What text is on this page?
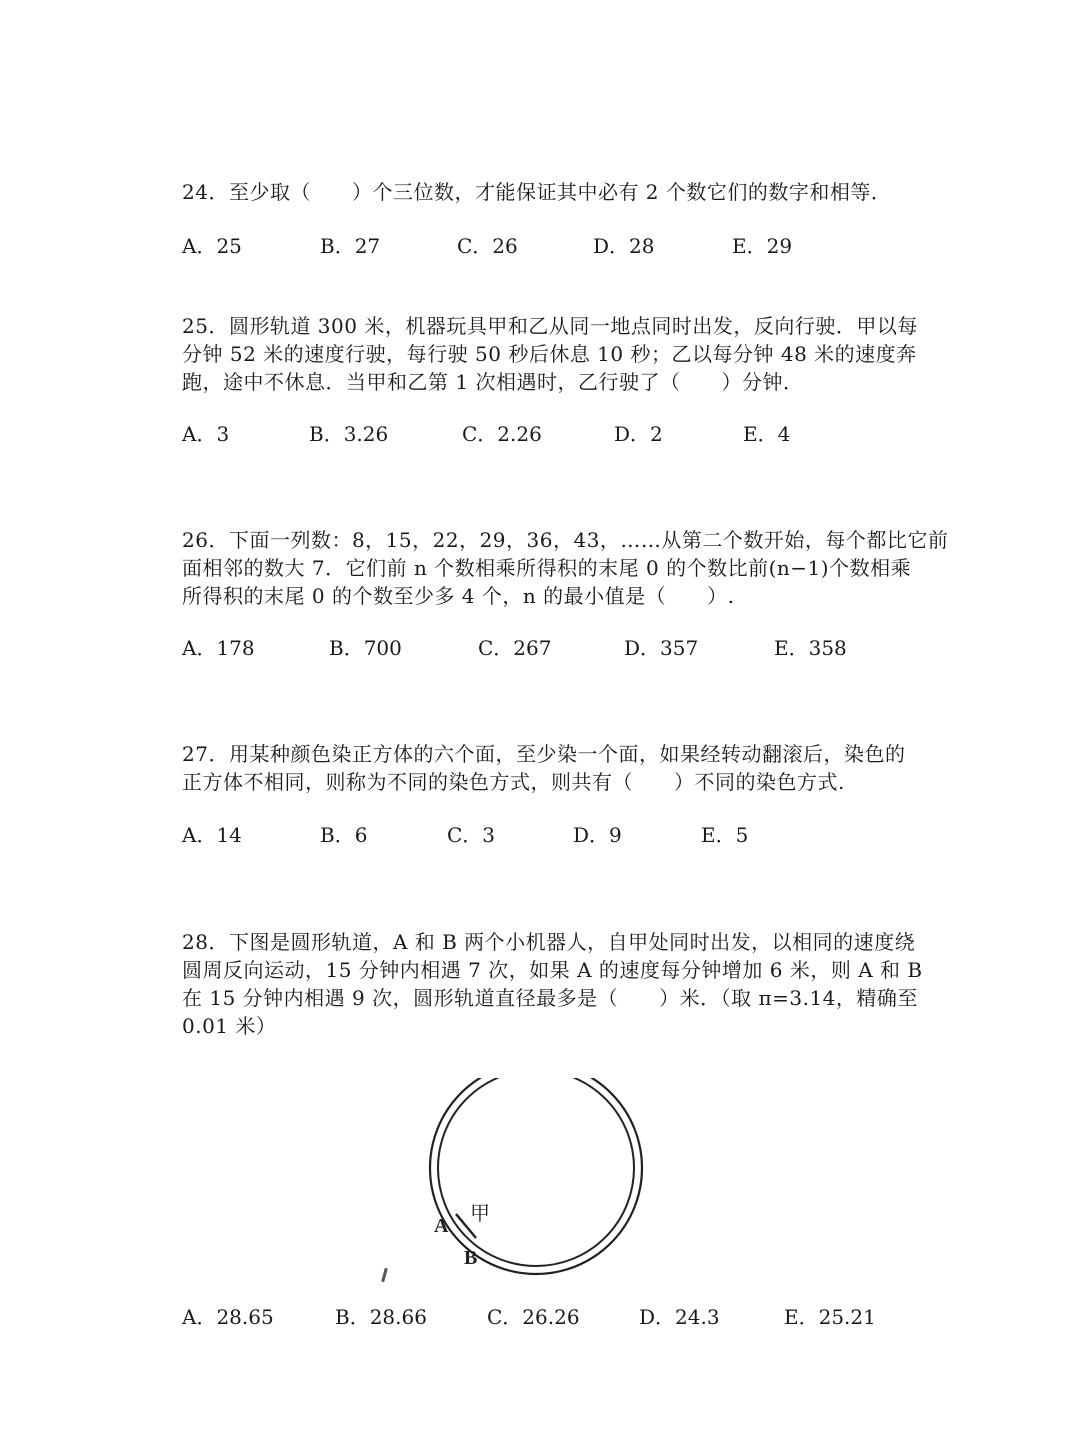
24．至少取（　　）个三位数，才能保证其中必有 2 个数它们的数字和相等．

A．25	B．27	C．26	D．28	E．29

25．圆形轨道 300 米，机器玩具甲和乙从同一地点同时出发，反向行驶．甲以每

分钟 52 米的速度行驶，每行驶 50 秒后休息 10 秒；乙以每分钟 48 米的速度奔

跑，途中不休息．当甲和乙第 1 次相遇时，乙行驶了（　　）分钟．

A．3	B．3.26	C．2.26	D．2	E．4

26．下面一列数：8，15，22，29，36，43，……从第二个数开始，每个都比它前

面相邻的数大 7．它们前 n 个数相乘所得积的末尾 0 的个数比前(n−1)个数相乘

所得积的末尾 0 的个数至少多 4 个，n 的最小值是（　　）.

A．178	B．700	C．267	D．357	E．358

27．用某种颜色染正方体的六个面，至少染一个面，如果经转动翻滚后，染色的

正方体不相同，则称为不同的染色方式，则共有（　　）不同的染色方式.

A．14	B．6	C．3	D．9	E．5

28．下图是圆形轨道，A 和 B 两个小机器人，自甲处同时出发，以相同的速度绕

圆周反向运动，15 分钟内相遇 7 次，如果 A 的速度每分钟增加 6 米，则 A 和 B

在 15 分钟内相遇 9 次，圆形轨道直径最多是（　　）米．（取 π=3.14，精确至

0.01 米）

A
B
甲
A．28.65	B．28.66	C．26.26	D．24.3	E．25.21
